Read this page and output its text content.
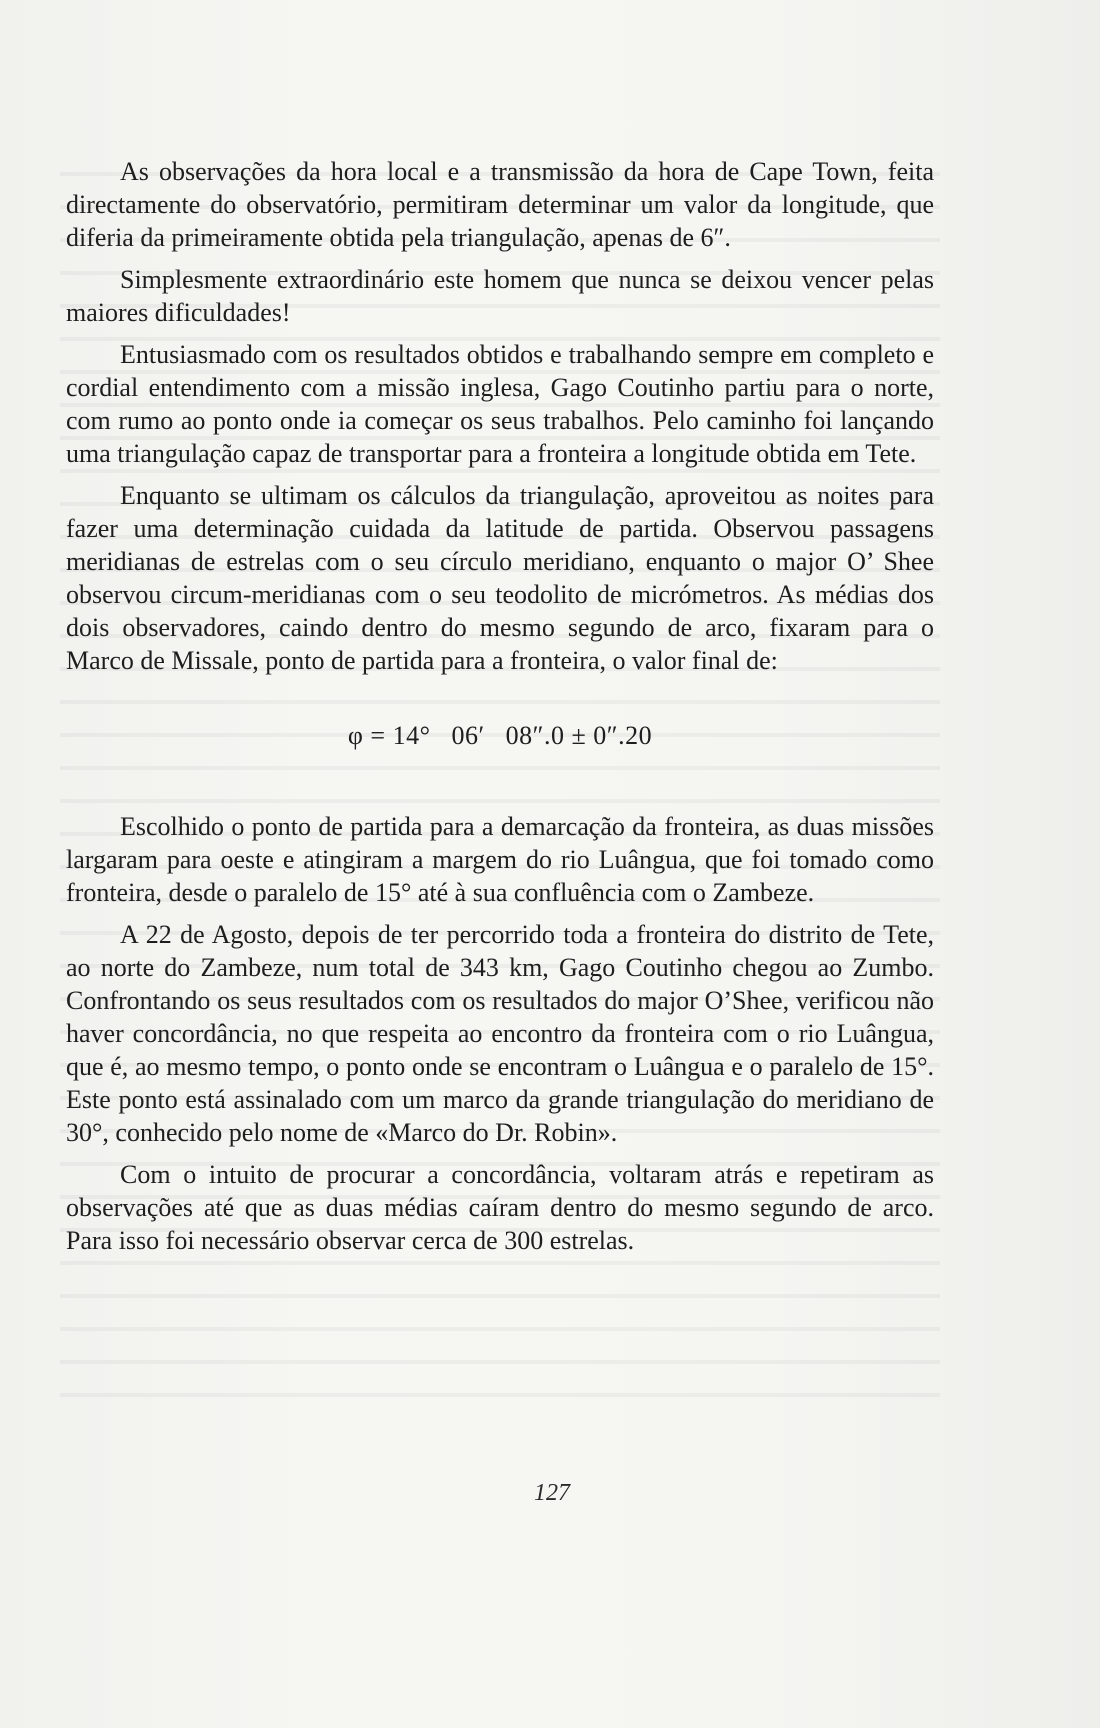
As observações da hora local e a transmissão da hora de Cape Town, feita directamente do observatório, permitiram determinar um valor da longitude, que diferia da primeiramente obtida pela triangulação, apenas de 6″.

Simplesmente extraordinário este homem que nunca se deixou vencer pelas maiores dificuldades!

Entusiasmado com os resultados obtidos e trabalhando sempre em completo e cordial entendimento com a missão inglesa, Gago Coutinho partiu para o norte, com rumo ao ponto onde ia começar os seus trabalhos. Pelo caminho foi lançando uma triangulação capaz de transportar para a fronteira a longitude obtida em Tete.

Enquanto se ultimam os cálculos da triangulação, aproveitou as noites para fazer uma determinação cuidada da latitude de partida. Observou passagens meridianas de estrelas com o seu círculo meridiano, enquanto o major O’ Shee observou circum-meridianas com o seu teodolito de micrómetros. As médias dos dois observadores, caindo dentro do mesmo segundo de arco, fixaram para o Marco de Missale, ponto de partida para a fronteira, o valor final de:

φ = 14°   06′   08″.0 ± 0″.20

Escolhido o ponto de partida para a demarcação da fronteira, as duas missões largaram para oeste e atingiram a margem do rio Luângua, que foi tomado como fronteira, desde o paralelo de 15° até à sua confluência com o Zambeze.

A 22 de Agosto, depois de ter percorrido toda a fronteira do distrito de Tete, ao norte do Zambeze, num total de 343 km, Gago Coutinho chegou ao Zumbo. Confrontando os seus resultados com os resultados do major O’Shee, verificou não haver concordância, no que respeita ao encontro da fronteira com o rio Luângua, que é, ao mesmo tempo, o ponto onde se encontram o Luângua e o paralelo de 15°. Este ponto está assinalado com um marco da grande triangulação do meridiano de 30°, conhecido pelo nome de «Marco do Dr. Robin».

Com o intuito de procurar a concordância, voltaram atrás e repetiram as observações até que as duas médias caíram dentro do mesmo segundo de arco. Para isso foi necessário observar cerca de 300 estrelas.

127
